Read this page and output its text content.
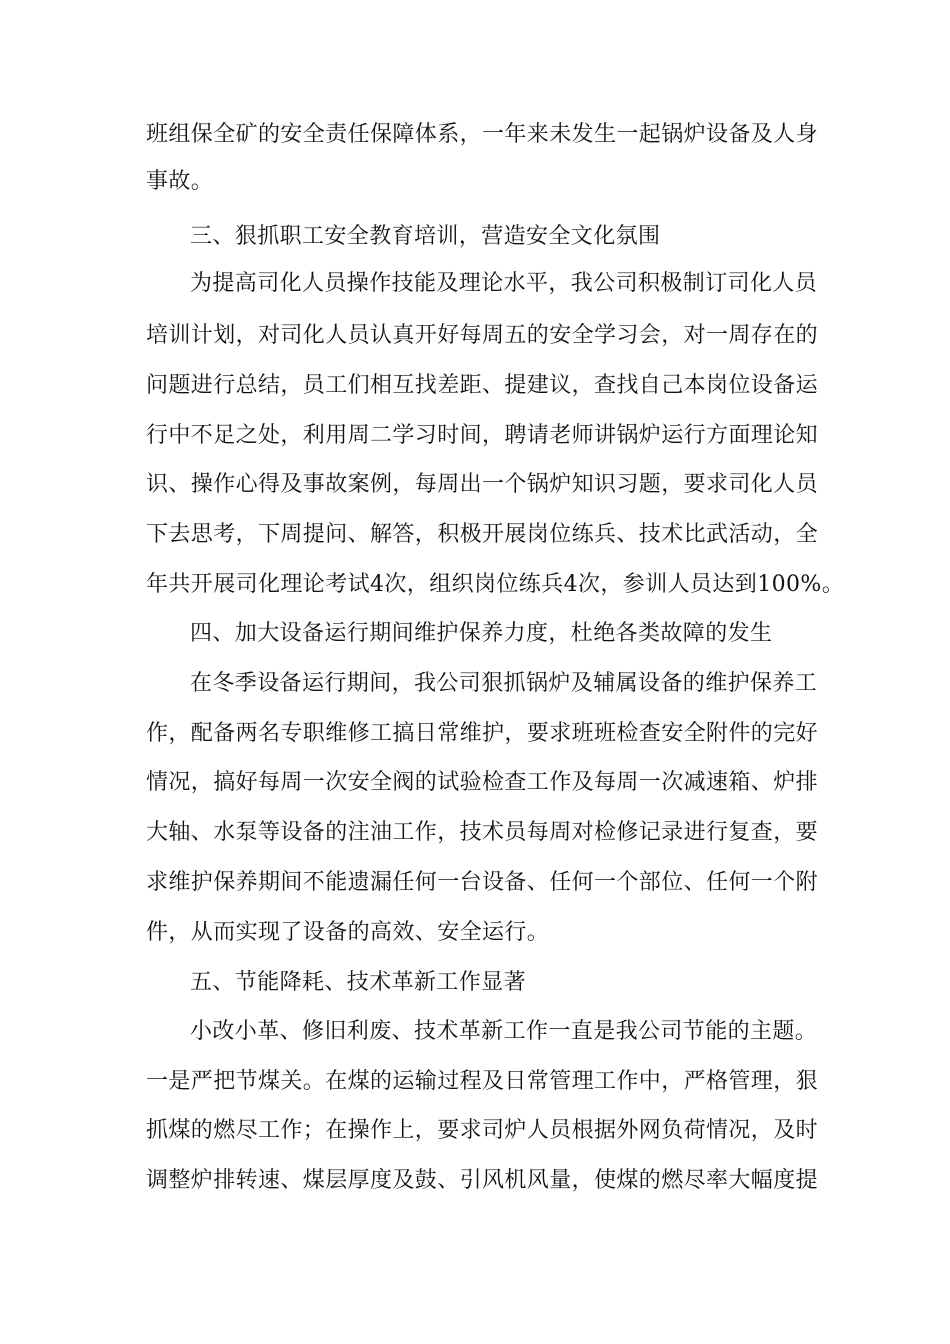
班组保全矿的安全责任保障体系，一年来未发生一起锅炉设备及人身
事故。
三、狠抓职工安全教育培训，营造安全文化氛围
为提高司化人员操作技能及理论水平，我公司积极制订司化人员
培训计划，对司化人员认真开好每周五的安全学习会，对一周存在的
问题进行总结，员工们相互找差距、提建议，查找自己本岗位设备运
行中不足之处，利用周二学习时间，聘请老师讲锅炉运行方面理论知
识、操作心得及事故案例，每周出一个锅炉知识习题，要求司化人员
下去思考，下周提问、解答，积极开展岗位练兵、技术比武活动，全
年共开展司化理论考试4次，组织岗位练兵4次，参训人员达到100%。
四、加大设备运行期间维护保养力度，杜绝各类故障的发生
在冬季设备运行期间，我公司狠抓锅炉及辅属设备的维护保养工
作，配备两名专职维修工搞日常维护，要求班班检查安全附件的完好
情况，搞好每周一次安全阀的试验检查工作及每周一次减速箱、炉排
大轴、水泵等设备的注油工作，技术员每周对检修记录进行复查，要
求维护保养期间不能遗漏任何一台设备、任何一个部位、任何一个附
件，从而实现了设备的高效、安全运行。
五、节能降耗、技术革新工作显著
小改小革、修旧利废、技术革新工作一直是我公司节能的主题。
一是严把节煤关。在煤的运输过程及日常管理工作中，严格管理，狠
抓煤的燃尽工作；在操作上，要求司炉人员根据外网负荷情况，及时
调整炉排转速、煤层厚度及鼓、引风机风量，使煤的燃尽率大幅度提
